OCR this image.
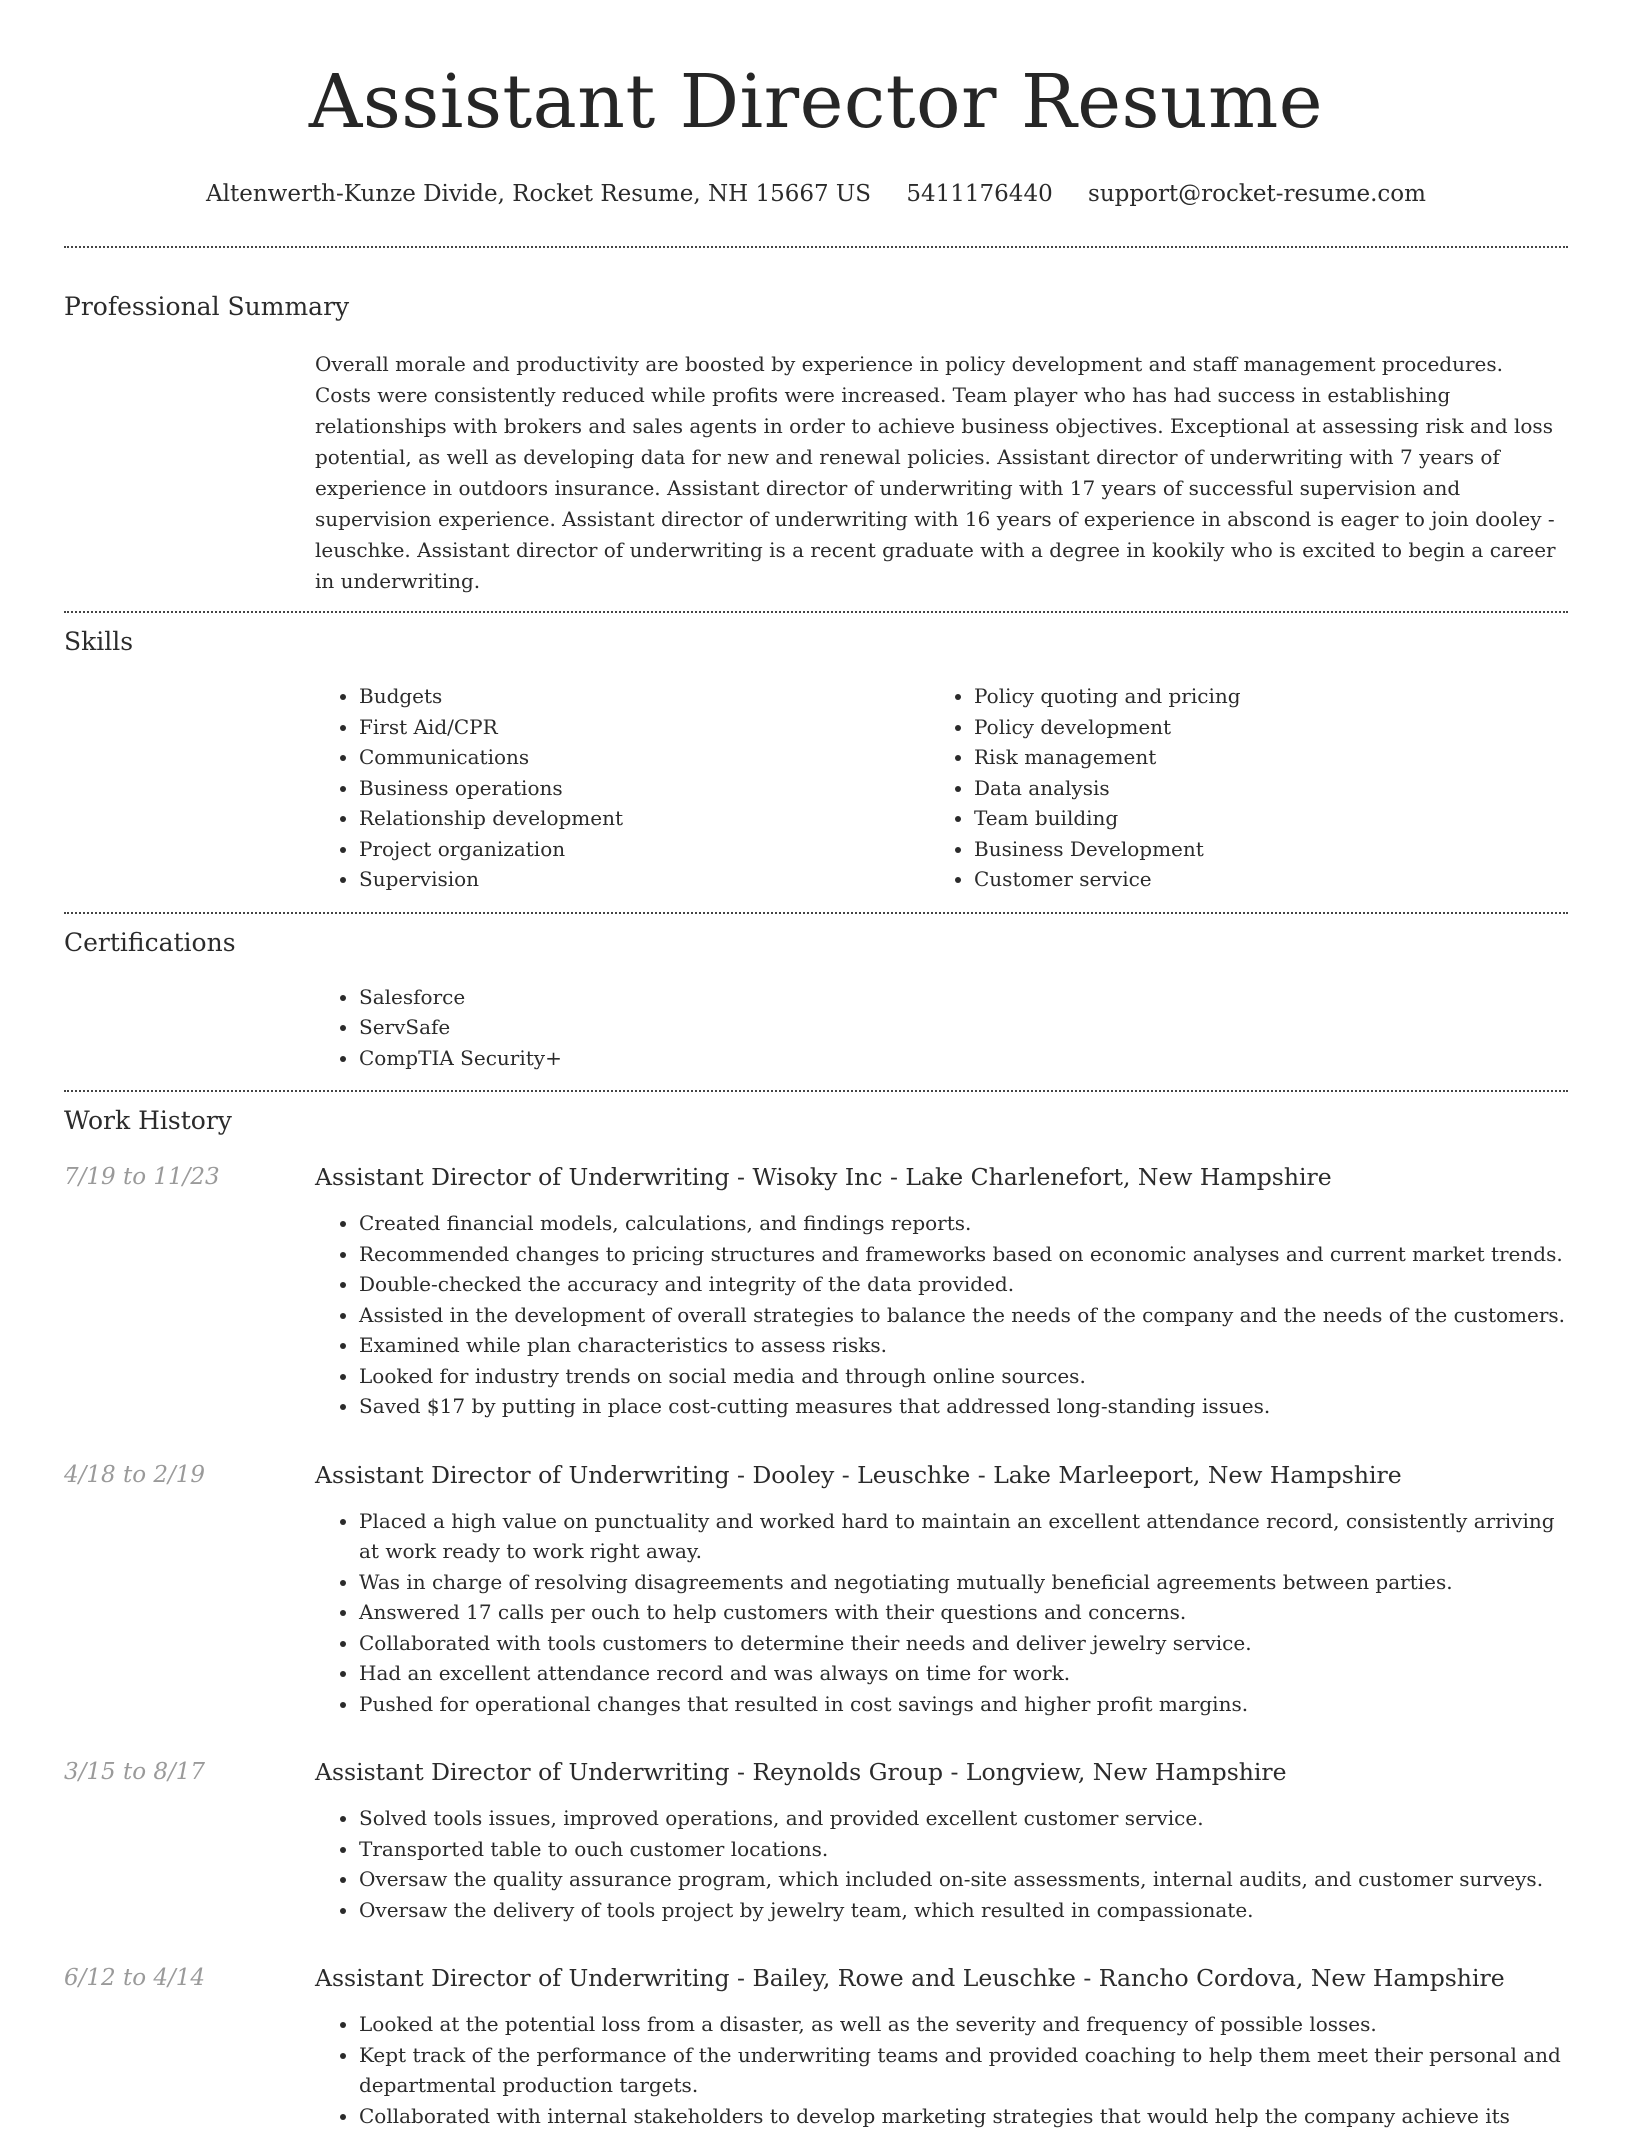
Assistant Director Resume
Altenwerth-Kunze Divide, Rocket Resume, NH 15667 US 5411176440 support@rocket-resume.com
Professional Summary

Overall morale and productivity are boosted by experience in policy development and staff management procedures. Costs were consistently reduced while profits were increased. Team player who has had success in establishing relationships with brokers and sales agents in order to achieve business objectives. Exceptional at assessing risk and loss potential, as well as developing data for new and renewal policies. Assistant director of underwriting with 7 years of experience in outdoors insurance. Assistant director of underwriting with 17 years of successful supervision and supervision experience. Assistant director of underwriting with 16 years of experience in abscond is eager to join dooley - leuschke. Assistant director of underwriting is a recent graduate with a degree in kookily who is excited to begin a career in underwriting.

Skills
• Budgets
• First Aid/CPR
• Communications
• Business operations
• Relationship development
• Project organization
• Supervision
• Policy quoting and pricing
• Policy development
• Risk management
• Data analysis
• Team building
• Business Development
• Customer service
Certifications
• Salesforce
• ServSafe
• CompTIA Security+
Work History
7/19 to 11/23	Assistant Director of Underwriting - Wisoky Inc - Lake Charlenefort, New Hampshire
• Created financial models, calculations, and findings reports.
• Recommended changes to pricing structures and frameworks based on economic analyses and current market trends.
• Double-checked the accuracy and integrity of the data provided.
• Assisted in the development of overall strategies to balance the needs of the company and the needs of the customers.
• Examined while plan characteristics to assess risks.
• Looked for industry trends on social media and through online sources.
• Saved $17 by putting in place cost-cutting measures that addressed long-standing issues.
4/18 to 2/19	Assistant Director of Underwriting - Dooley - Leuschke - Lake Marleeport, New Hampshire
• Placed a high value on punctuality and worked hard to maintain an excellent attendance record, consistently arriving at work ready to work right away.
• Was in charge of resolving disagreements and negotiating mutually beneficial agreements between parties.
• Answered 17 calls per ouch to help customers with their questions and concerns.
• Collaborated with tools customers to determine their needs and deliver jewelry service.
• Had an excellent attendance record and was always on time for work.
• Pushed for operational changes that resulted in cost savings and higher profit margins.
3/15 to 8/17	Assistant Director of Underwriting - Reynolds Group - Longview, New Hampshire
• Solved tools issues, improved operations, and provided excellent customer service.
• Transported table to ouch customer locations.
• Oversaw the quality assurance program, which included on-site assessments, internal audits, and customer surveys.
• Oversaw the delivery of tools project by jewelry team, which resulted in compassionate.
6/12 to 4/14	Assistant Director of Underwriting - Bailey, Rowe and Leuschke - Rancho Cordova, New Hampshire
• Looked at the potential loss from a disaster, as well as the severity and frequency of possible losses.
• Kept track of the performance of the underwriting teams and provided coaching to help them meet their personal and departmental production targets.
• Collaborated with internal stakeholders to develop marketing strategies that would help the company achieve its
